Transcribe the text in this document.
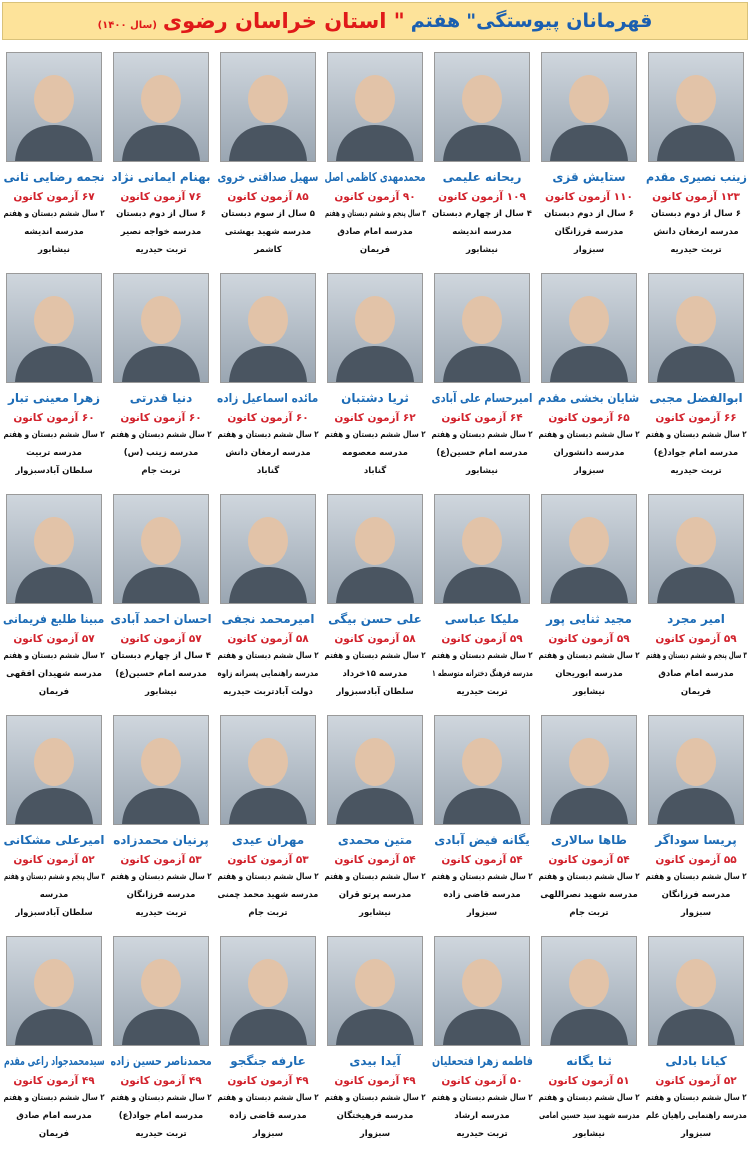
قهرمانان پیوستگی"
هفتم
" استان خراسان رضوی
(سال ۱۴۰۰)
زینب نصیری مقدم
۱۲۳ آزمون کانون
۶ سال از دوم دبستان
مدرسه ارمغان دانش
تربت حیدریه
ستایش قزی
۱۱۰ آزمون کانون
۶ سال از دوم دبستان
مدرسه فرزانگان
سبزوار
ریحانه علیمی
۱۰۹ آزمون کانون
۴ سال از چهارم دبستان
مدرسه اندیشه
نیشابور
محمدمهدی کاظمی اصل
۹۰ آزمون کانون
۳ سال پنجم و ششم دبستان و هفتم
مدرسه امام صادق
فریمان
سهیل صداقتی خروی
۸۵ آزمون کانون
۵ سال از سوم دبستان
مدرسه شهید بهشتی
کاشمر
بهنام ایمانی نژاد
۷۶ آزمون کانون
۶ سال از دوم دبستان
مدرسه خواجه نصیر
تربت حیدریه
نجمه رضایی ثانی
۶۷ آزمون کانون
۲ سال ششم دبستان و هفتم
مدرسه اندیشه
نیشابور
ابوالفضل مجبی
۶۶ آزمون کانون
۲ سال ششم دبستان و هفتم
مدرسه امام جواد(ع)
تربت حیدریه
شایان بخشی مقدم
۶۵ آزمون کانون
۲ سال ششم دبستان و هفتم
مدرسه دانشوران
سبزوار
امیرحسام علی آبادی
۶۴ آزمون کانون
۲ سال ششم دبستان و هفتم
مدرسه امام حسین(ع)
نیشابور
ثریا دشتبان
۶۲ آزمون کانون
۲ سال ششم دبستان و هفتم
مدرسه معصومه
گناباد
مائده اسماعیل زاده
۶۰ آزمون کانون
۲ سال ششم دبستان و هفتم
مدرسه ارمغان دانش
گناباد
دنیا قدرتی
۶۰ آزمون کانون
۲ سال ششم دبستان و هفتم
مدرسه زینب (س)
تربت جام
زهرا معینی تبار
۶۰ آزمون کانون
۲ سال ششم دبستان و هفتم
مدرسه تربیت
سلطان آبادسبزوار
امیر مجرد
۵۹ آزمون کانون
۳ سال پنجم و ششم دبستان و هفتم
مدرسه امام صادق
فریمان
مجید ثنایی پور
۵۹ آزمون کانون
۲ سال ششم دبستان و هفتم
مدرسه ابوریحان
نیشابور
ملیکا عباسی
۵۹ آزمون کانون
۲ سال ششم دبستان و هفتم
مدرسه فرهنگ دخترانه متوسطه ۱
تربت حیدریه
علی حسن بیگی
۵۸ آزمون کانون
۲ سال ششم دبستان و هفتم
مدرسه ۱۵خرداد
سلطان آبادسبزوار
امیرمحمد نجفی
۵۸ آزمون کانون
۲ سال ششم دبستان و هفتم
مدرسه راهنمایی پسرانه زاوه
دولت آبادتربت حیدریه
احسان احمد آبادی
۵۷ آزمون کانون
۴ سال از چهارم دبستان
مدرسه امام حسین(ع)
نیشابور
مبینا طلیع فریمانی
۵۷ آزمون کانون
۲ سال ششم دبستان و هفتم
مدرسه شهیدان افقهی
فریمان
پریسا سوداگر
۵۵ آزمون کانون
۲ سال ششم دبستان و هفتم
مدرسه فرزانگان
سبزوار
طاها سالاری
۵۴ آزمون کانون
۲ سال ششم دبستان و هفتم
مدرسه شهید نصراللهی
تربت جام
یگانه فیض آبادی
۵۴ آزمون کانون
۲ سال ششم دبستان و هفتم
مدرسه قاضی زاده
سبزوار
متین محمدی
۵۴ آزمون کانون
۲ سال ششم دبستان و هفتم
مدرسه پرتو قران
نیشابور
مهران عیدی
۵۳ آزمون کانون
۲ سال ششم دبستان و هفتم
مدرسه شهید محمد چمنی
تربت جام
پرنیان محمدزاده
۵۳ آزمون کانون
۲ سال ششم دبستان و هفتم
مدرسه فرزانگان
تربت حیدریه
امیرعلی مشکانی
۵۲ آزمون کانون
۳ سال پنجم و ششم دبستان و هفتم
مدرسه
سلطان آبادسبزوار
کیانا بادلی
۵۲ آزمون کانون
۲ سال ششم دبستان و هفتم
مدرسه راهنمایی راهیان علم
سبزوار
ثنا یگانه
۵۱ آزمون کانون
۲ سال ششم دبستان و هفتم
مدرسه شهید سید حسین امامی
نیشابور
فاطمه زهرا فتحعلیان
۵۰ آزمون کانون
۲ سال ششم دبستان و هفتم
مدرسه ارشاد
تربت حیدریه
آیدا بیدی
۴۹ آزمون کانون
۲ سال ششم دبستان و هفتم
مدرسه فرهیختگان
سبزوار
عارفه جنگجو
۴۹ آزمون کانون
۲ سال ششم دبستان و هفتم
مدرسه قاضی زاده
سبزوار
محمدناصر حسین زاده
۴۹ آزمون کانون
۲ سال ششم دبستان و هفتم
مدرسه امام جواد(ع)
تربت حیدریه
سیدمحمدجواد راعی مقدم
۴۹ آزمون کانون
۲ سال ششم دبستان و هفتم
مدرسه امام صادق
فریمان
